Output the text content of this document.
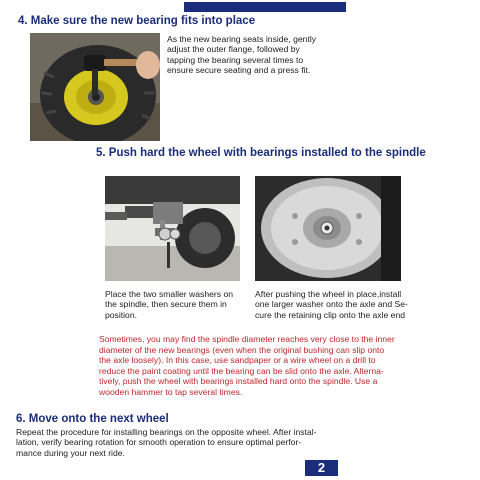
4. Make sure the new bearing fits into place
As the new bearing seats inside, gently
adjust the outer flange, followed by
tapping the bearing several times to
ensure secure seating and a press fit.
5. Push hard the wheel with bearings installed to the spindle
Place the two smaller washers on
the spindle, then secure them in
position.
After pushing the wheel in place,install
one larger washer onto the axle and Se-
cure the retaining clip onto the axle end
Sometimes, you may find the spindle diameter reaches very close to the inner
diameter of the new bearings (even when the original bushing can slip onto
the axle loosely). In this case, use sandpaper or a wire wheel on a drill to
reduce the paint coating until the bearing can be slid onto the axle. Alterna-
tively, push the wheel with bearings installed hard onto the spindle. Use a
wooden hammer to tap several times.
6. Move onto the next wheel
Repeat the procedure for installing bearings on the opposite wheel. After instal-
lation, verify bearing rotation for smooth operation to ensure optimal perfor-
mance during your next ride.
2
